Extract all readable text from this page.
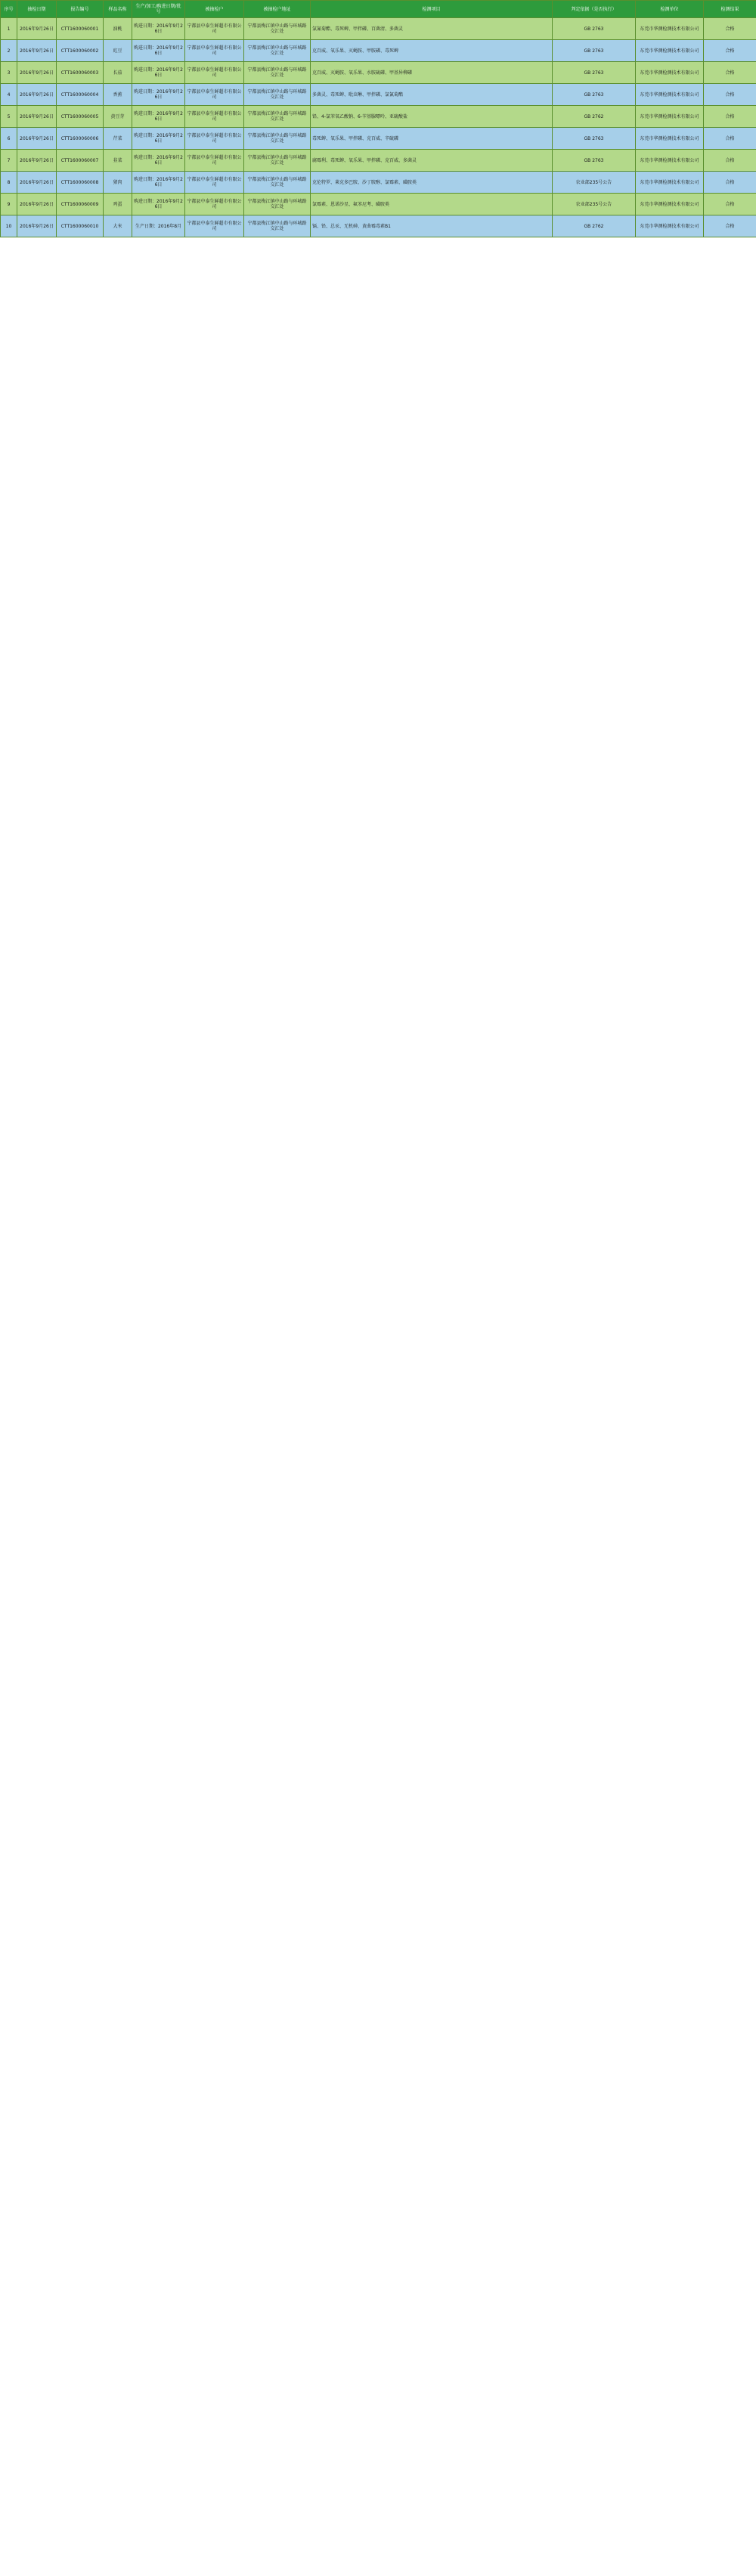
序号	抽检日期	报告编号	样品名称	生产/加工/购进日期/批号	被抽检户	被抽检户地址	检测项目	判定依据（是否执行）	检测单位	检测结果
1	2016年9月26日	CTT1600060001	油桃	购进日期：2016年9月26日	宁都县中泰生鲜超市有限公司	宁都县梅江镇中山路与环城路交汇处	氯氰菊酯、毒死蜱、甲拌磷、百菌清、多菌灵	GB 2763	东莞市华测检测技术有限公司	合格
2	2016年9月26日	CTT1600060002	豇豆	购进日期：2016年9月26日	宁都县中泰生鲜超市有限公司	宁都县梅江镇中山路与环城路交汇处	克百威、氧乐果、灭蝇胺、甲胺磷、毒死蜱	GB 2763	东莞市华测检测技术有限公司	合格
3	2016年9月26日	CTT1600060003	长茄	购进日期：2016年9月26日	宁都县中泰生鲜超市有限公司	宁都县梅江镇中山路与环城路交汇处	克百威、灭蝇胺、氧乐果、水胺硫磷、甲基异柳磷	GB 2763	东莞市华测检测技术有限公司	合格
4	2016年9月26日	CTT1600060004	香蕉	购进日期：2016年9月26日	宁都县中泰生鲜超市有限公司	宁都县梅江镇中山路与环城路交汇处	多菌灵、毒死蜱、吡虫啉、甲拌磷、氯氰菊酯	GB 2763	东莞市华测检测技术有限公司	合格
5	2016年9月26日	CTT1600060005	黄豆芽	购进日期：2016年9月26日	宁都县中泰生鲜超市有限公司	宁都县梅江镇中山路与环城路交汇处	铅、4-氯苯氧乙酸钠、6-苄基腺嘌呤、亚硫酸盐	GB 2762	东莞市华测检测技术有限公司	合格
6	2016年9月26日	CTT1600060006	芹菜	购进日期：2016年9月26日	宁都县中泰生鲜超市有限公司	宁都县梅江镇中山路与环城路交汇处	毒死蜱、氧乐果、甲拌磷、克百威、辛硫磷	GB 2763	东莞市华测检测技术有限公司	合格
7	2016年9月26日	CTT1600060007	韭菜	购进日期：2016年9月26日	宁都县中泰生鲜超市有限公司	宁都县梅江镇中山路与环城路交汇处	腐霉利、毒死蜱、氧乐果、甲拌磷、克百威、多菌灵	GB 2763	东莞市华测检测技术有限公司	合格
8	2016年9月26日	CTT1600060008	猪肉	购进日期：2016年9月26日	宁都县中泰生鲜超市有限公司	宁都县梅江镇中山路与环城路交汇处	克伦特罗、莱克多巴胺、沙丁胺醇、氯霉素、磺胺类	农业部235号公告	东莞市华测检测技术有限公司	合格
9	2016年9月26日	CTT1600060009	鸡蛋	购进日期：2016年9月26日	宁都县中泰生鲜超市有限公司	宁都县梅江镇中山路与环城路交汇处	氯霉素、恩诺沙星、氟苯尼考、磺胺类	农业部235号公告	东莞市华测检测技术有限公司	合格
10	2016年9月26日	CTT1600060010	大米	生产日期：2016年8月	宁都县中泰生鲜超市有限公司	宁都县梅江镇中山路与环城路交汇处	镉、铅、总汞、无机砷、黄曲霉毒素B1	GB 2762	东莞市华测检测技术有限公司	合格
